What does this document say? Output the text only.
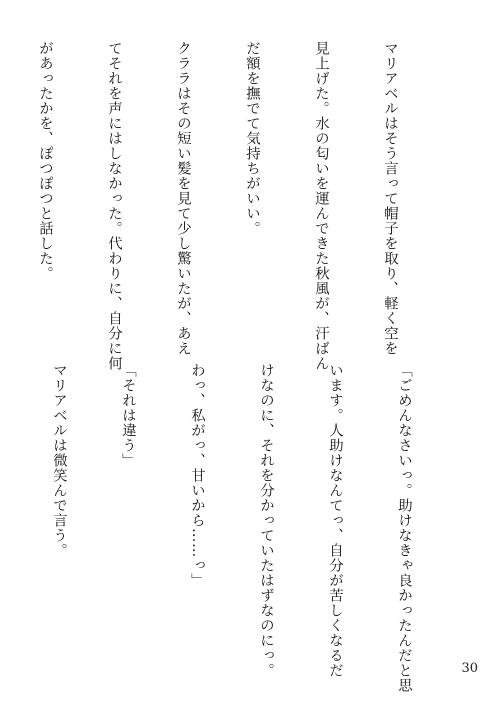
マリアベルはそう言って帽子を取り、軽く空を

見上げた。水の匂いを運んできた秋風が、汗ばん

だ額を撫でて気持ちがいい。

クララはその短い髪を見て少し驚いたが、あえ

てそれを声にはしなかった。代わりに、自分に何

があったかを、ぽつぽつと話した。

「ごめんなさいっ。助けなきゃ良かったんだと思

います。人助けなんてっ、自分が苦しくなるだ

けなのに、それを分かっていたはずなのにっ。

わっ、私がっ、甘いから……っ」

「それは違う」

マリアベルは微笑んで言う。

30
